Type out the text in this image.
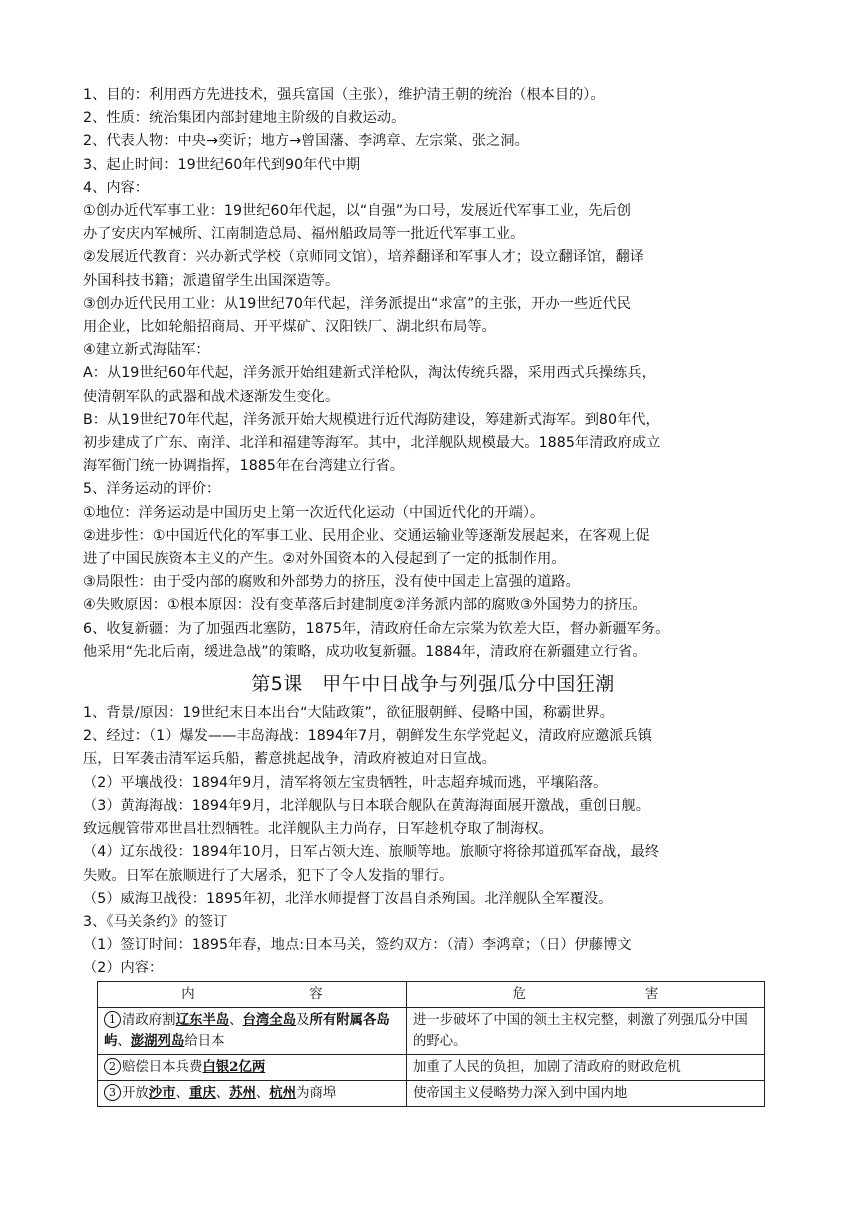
1、目的：利用西方先进技术，强兵富国（主张），维护清王朝的统治（根本目的）。
2、性质：统治集团内部封建地主阶级的自救运动。
2、代表人物：中央→奕䜣；地方→曾国藩、李鸿章、左宗棠、张之洞。
3、起止时间：19世纪60年代到90年代中期
4、内容：
①创办近代军事工业：19世纪60年代起，以“自强”为口号，发展近代军事工业，先后创
办了安庆内军械所、江南制造总局、福州船政局等一批近代军事工业。
②发展近代教育：兴办新式学校（京师同文馆），培养翻译和军事人才；设立翻译馆，翻译
外国科技书籍；派遣留学生出国深造等。
③创办近代民用工业：从19世纪70年代起，洋务派提出“求富”的主张，开办一些近代民
用企业，比如轮船招商局、开平煤矿、汉阳铁厂、湖北织布局等。
④建立新式海陆军：
A：从19世纪60年代起，洋务派开始组建新式洋枪队，淘汰传统兵器，采用西式兵操练兵，
使清朝军队的武器和战术逐渐发生变化。
B：从19世纪70年代起，洋务派开始大规模进行近代海防建设，筹建新式海军。到80年代，
初步建成了广东、南洋、北洋和福建等海军。其中，北洋舰队规模最大。1885年清政府成立
海军衙门统一协调指挥，1885年在台湾建立行省。
5、洋务运动的评价：
①地位：洋务运动是中国历史上第一次近代化运动（中国近代化的开端）。
②进步性：①中国近代化的军事工业、民用企业、交通运输业等逐渐发展起来，在客观上促
进了中国民族资本主义的产生。②对外国资本的入侵起到了一定的抵制作用。
③局限性：由于受内部的腐败和外部势力的挤压，没有使中国走上富强的道路。
④失败原因：①根本原因：没有变革落后封建制度②洋务派内部的腐败③外国势力的挤压。
6、收复新疆：为了加强西北塞防，1875年，清政府任命左宗棠为钦差大臣，督办新疆军务。
他采用“先北后南，缓进急战”的策略，成功收复新疆。1884年，清政府在新疆建立行省。
第5课　甲午中日战争与列强瓜分中国狂潮
1、背景/原因：19世纪末日本出台“大陆政策”，欲征服朝鲜、侵略中国，称霸世界。
2、经过：（1）爆发——丰岛海战：1894年7月，朝鲜发生东学党起义，清政府应邀派兵镇
压，日军袭击清军运兵船，蓄意挑起战争，清政府被迫对日宣战。
（2）平壤战役：1894年9月，清军将领左宝贵牺牲，叶志超弃城而逃，平壤陷落。
（3）黄海海战：1894年9月，北洋舰队与日本联合舰队在黄海海面展开激战，重创日舰。
致远舰管带邓世昌壮烈牺牲。北洋舰队主力尚存，日军趁机夺取了制海权。
（4）辽东战役：1894年10月，日军占领大连、旅顺等地。旅顺守将徐邦道孤军奋战，最终
失败。日军在旅顺进行了大屠杀，犯下了令人发指的罪行。
（5）威海卫战役：1895年初，北洋水师提督丁汝昌自杀殉国。北洋舰队全军覆没。
3、《马关条约》的签订
（1）签订时间：1895年春，地点:日本马关，签约双方：（清）李鸿章；（日）伊藤博文
（2）内容：
内 容	危 害

1 清政府割辽东半岛、台湾全岛及所有附属各岛屿、澎湖列岛给日本	进一步破坏了中国的领土主权完整，刺激了列强瓜分中国的野心。
2 赔偿日本兵费白银2亿两	加重了人民的负担，加剧了清政府的财政危机
3 开放沙市、重庆、苏州、杭州为商埠	使帝国主义侵略势力深入到中国内地
